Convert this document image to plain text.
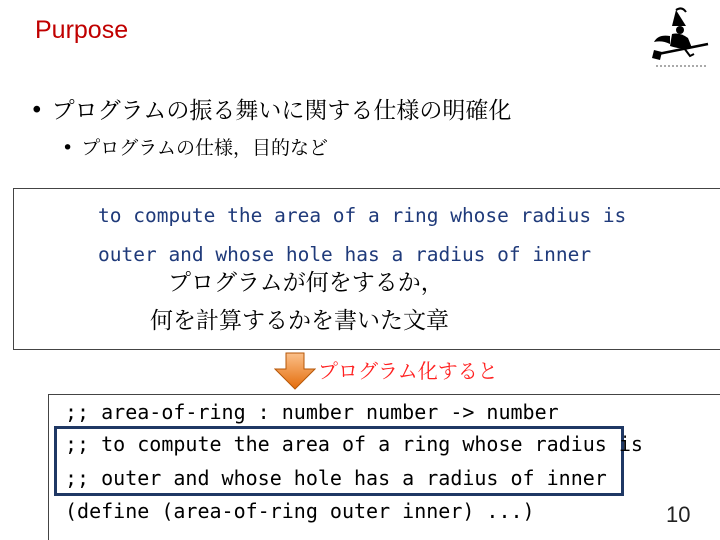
Purpose
• プログラムの振る舞いに関する仕様の明確化
• プログラムの仕様，目的など
to compute the area of a ring whose radius is
outer and whose hole has a radius of inner
プログラムが何をするか，
何を計算するかを書いた文章
プログラム化すると
;; area-of-ring : number number -> number
;; to compute the area of a ring whose radius is
;; outer and whose hole has a radius of inner
(define (area-of-ring outer inner) ...)	10
